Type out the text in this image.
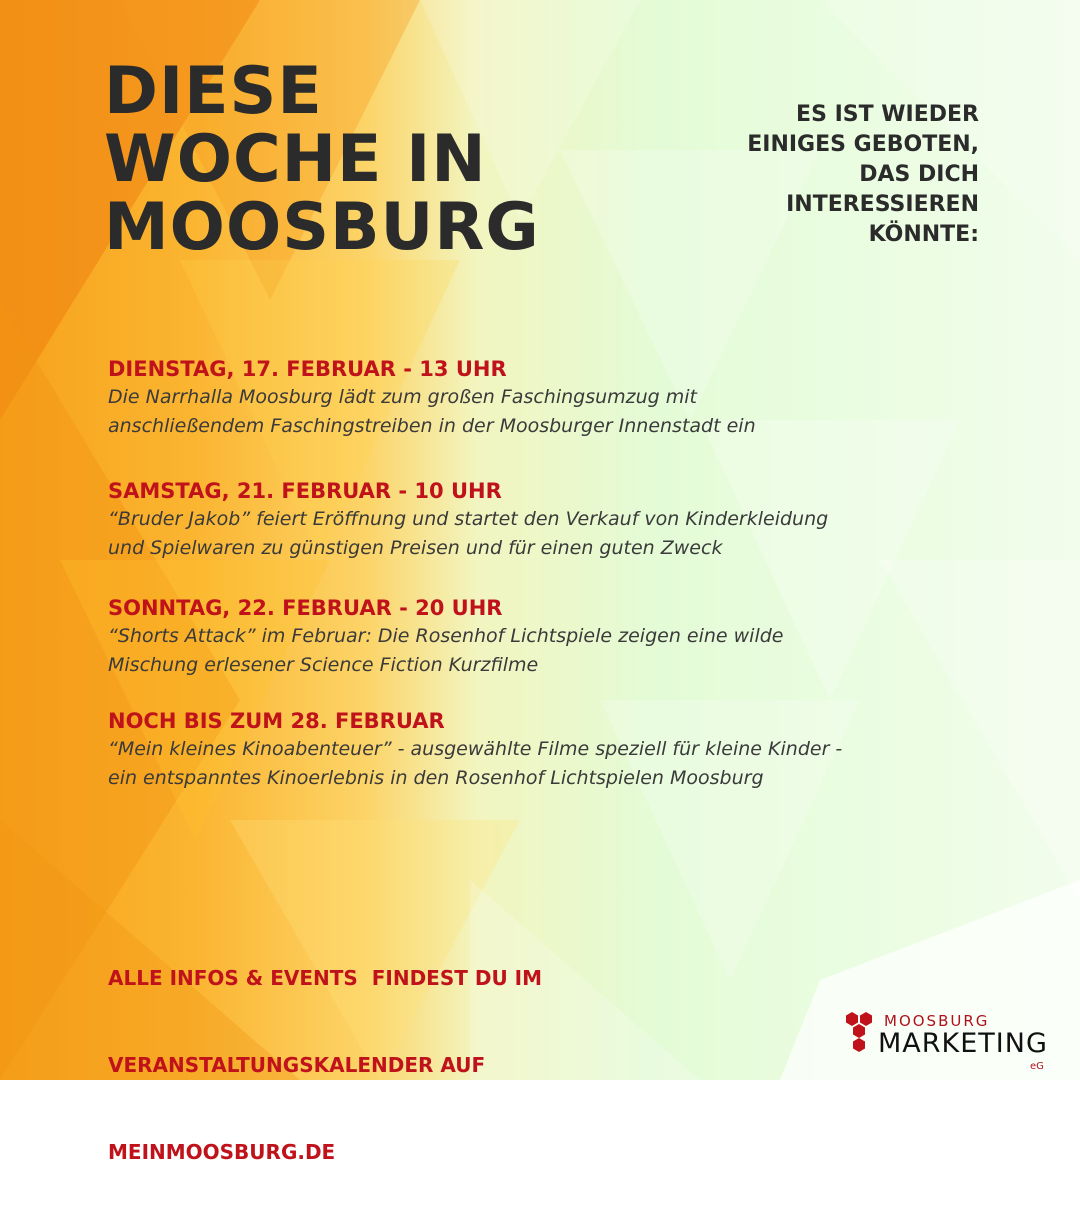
DIESE
WOCHE IN
MOOSBURG

ES IST WIEDER
EINIGES GEBOTEN,
DAS DICH
INTERESSIEREN
KÖNNTE:

DIENSTAG, 17. FEBRUAR - 13 UHR

Die Narrhalla Moosburg lädt zum großen Faschingsumzug mit
anschließendem Faschingstreiben in der Moosburger Innenstadt ein

SAMSTAG, 21. FEBRUAR - 10 UHR

“Bruder Jakob” feiert Eröffnung und startet den Verkauf von Kinderkleidung
und Spielwaren zu günstigen Preisen und für einen guten Zweck

SONNTAG, 22. FEBRUAR - 20 UHR

“Shorts Attack” im Februar: Die Rosenhof Lichtspiele zeigen eine wilde
Mischung erlesener Science Fiction Kurzfilme

NOCH BIS ZUM 28. FEBRUAR

“Mein kleines Kinoabenteuer” - ausgewählte Filme speziell für kleine Kinder -
ein entspanntes Kinoerlebnis in den Rosenhof Lichtspielen Moosburg

ALLE INFOS & EVENTS  FINDEST DU IM

VERANSTALTUNGSKALENDER AUF

MEINMOOSBURG.DE

MOOSBURG
MARKETING
eG
